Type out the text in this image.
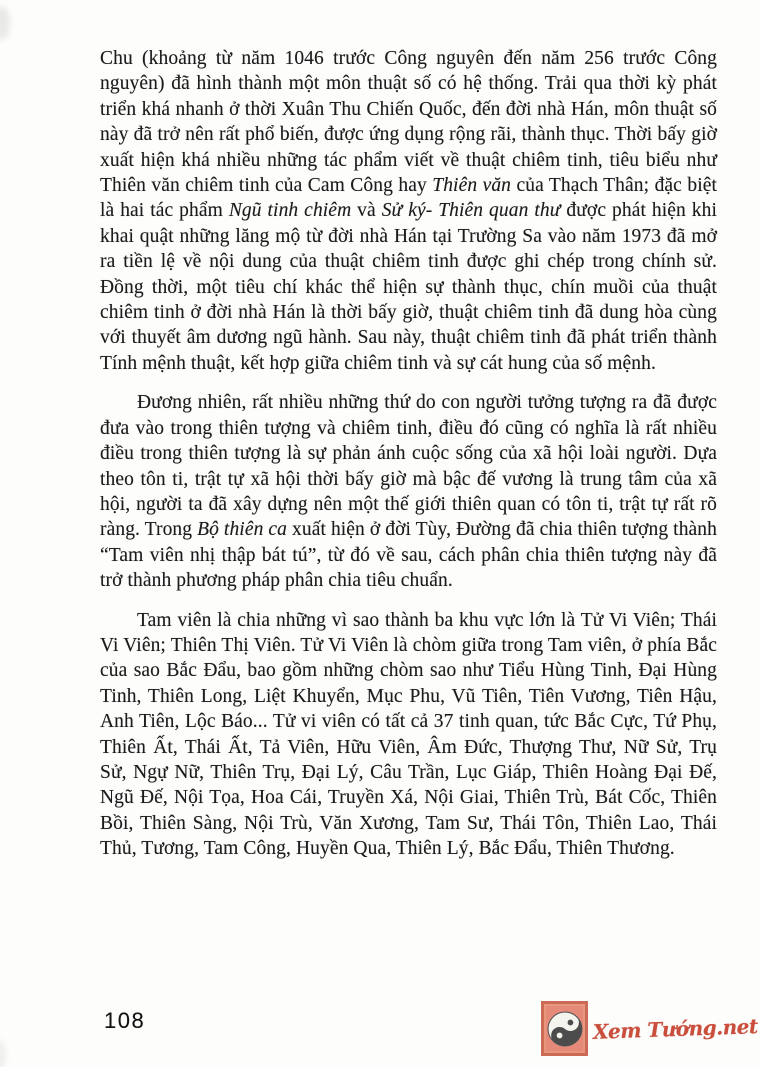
Chu (khoảng từ năm 1046 trước Công nguyên đến năm 256 trước Công nguyên) đã hình thành một môn thuật số có hệ thống. Trải qua thời kỳ phát triển khá nhanh ở thời Xuân Thu Chiến Quốc, đến đời nhà Hán, môn thuật số này đã trở nên rất phổ biến, được ứng dụng rộng rãi, thành thục. Thời bấy giờ xuất hiện khá nhiều những tác phẩm viết về thuật chiêm tinh, tiêu biểu như Thiên văn chiêm tinh của Cam Công hay Thiên văn của Thạch Thân; đặc biệt là hai tác phẩm Ngũ tinh chiêm và Sử ký- Thiên quan thư được phát hiện khi khai quật những lăng mộ từ đời nhà Hán tại Trường Sa vào năm 1973 đã mở ra tiền lệ về nội dung của thuật chiêm tinh được ghi chép trong chính sử. Đồng thời, một tiêu chí khác thể hiện sự thành thục, chín muồi của thuật chiêm tinh ở đời nhà Hán là thời bấy giờ, thuật chiêm tinh đã dung hòa cùng với thuyết âm dương ngũ hành. Sau này, thuật chiêm tinh đã phát triển thành Tính mệnh thuật, kết hợp giữa chiêm tinh và sự cát hung của số mệnh.

Đương nhiên, rất nhiều những thứ do con người tưởng tượng ra đã được đưa vào trong thiên tượng và chiêm tinh, điều đó cũng có nghĩa là rất nhiều điều trong thiên tượng là sự phản ánh cuộc sống của xã hội loài người. Dựa theo tôn ti, trật tự xã hội thời bấy giờ mà bậc đế vương là trung tâm của xã hội, người ta đã xây dựng nên một thế giới thiên quan có tôn ti, trật tự rất rõ ràng. Trong Bộ thiên ca xuất hiện ở đời Tùy, Đường đã chia thiên tượng thành “Tam viên nhị thập bát tú”, từ đó về sau, cách phân chia thiên tượng này đã trở thành phương pháp phân chia tiêu chuẩn.

Tam viên là chia những vì sao thành ba khu vực lớn là Tử Vi Viên; Thái Vi Viên; Thiên Thị Viên. Tử Vi Viên là chòm giữa trong Tam viên, ở phía Bắc của sao Bắc Đẩu, bao gồm những chòm sao như Tiểu Hùng Tinh, Đại Hùng Tinh, Thiên Long, Liệt Khuyển, Mục Phu, Vũ Tiên, Tiên Vương, Tiên Hậu, Anh Tiên, Lộc Báo... Tử vi viên có tất cả 37 tinh quan, tức Bắc Cực, Tứ Phụ, Thiên Ất, Thái Ất, Tả Viên, Hữu Viên, Âm Đức, Thượng Thư, Nữ Sử, Trụ Sử, Ngự Nữ, Thiên Trụ, Đại Lý, Câu Trần, Lục Giáp, Thiên Hoàng Đại Đế, Ngũ Đế, Nội Tọa, Hoa Cái, Truyền Xá, Nội Giai, Thiên Trù, Bát Cốc, Thiên Bồi, Thiên Sàng, Nội Trù, Văn Xương, Tam Sư, Thái Tôn, Thiên Lao, Thái Thủ, Tương, Tam Công, Huyền Qua, Thiên Lý, Bắc Đẩu, Thiên Thương.

108	Xem Tướng.net
